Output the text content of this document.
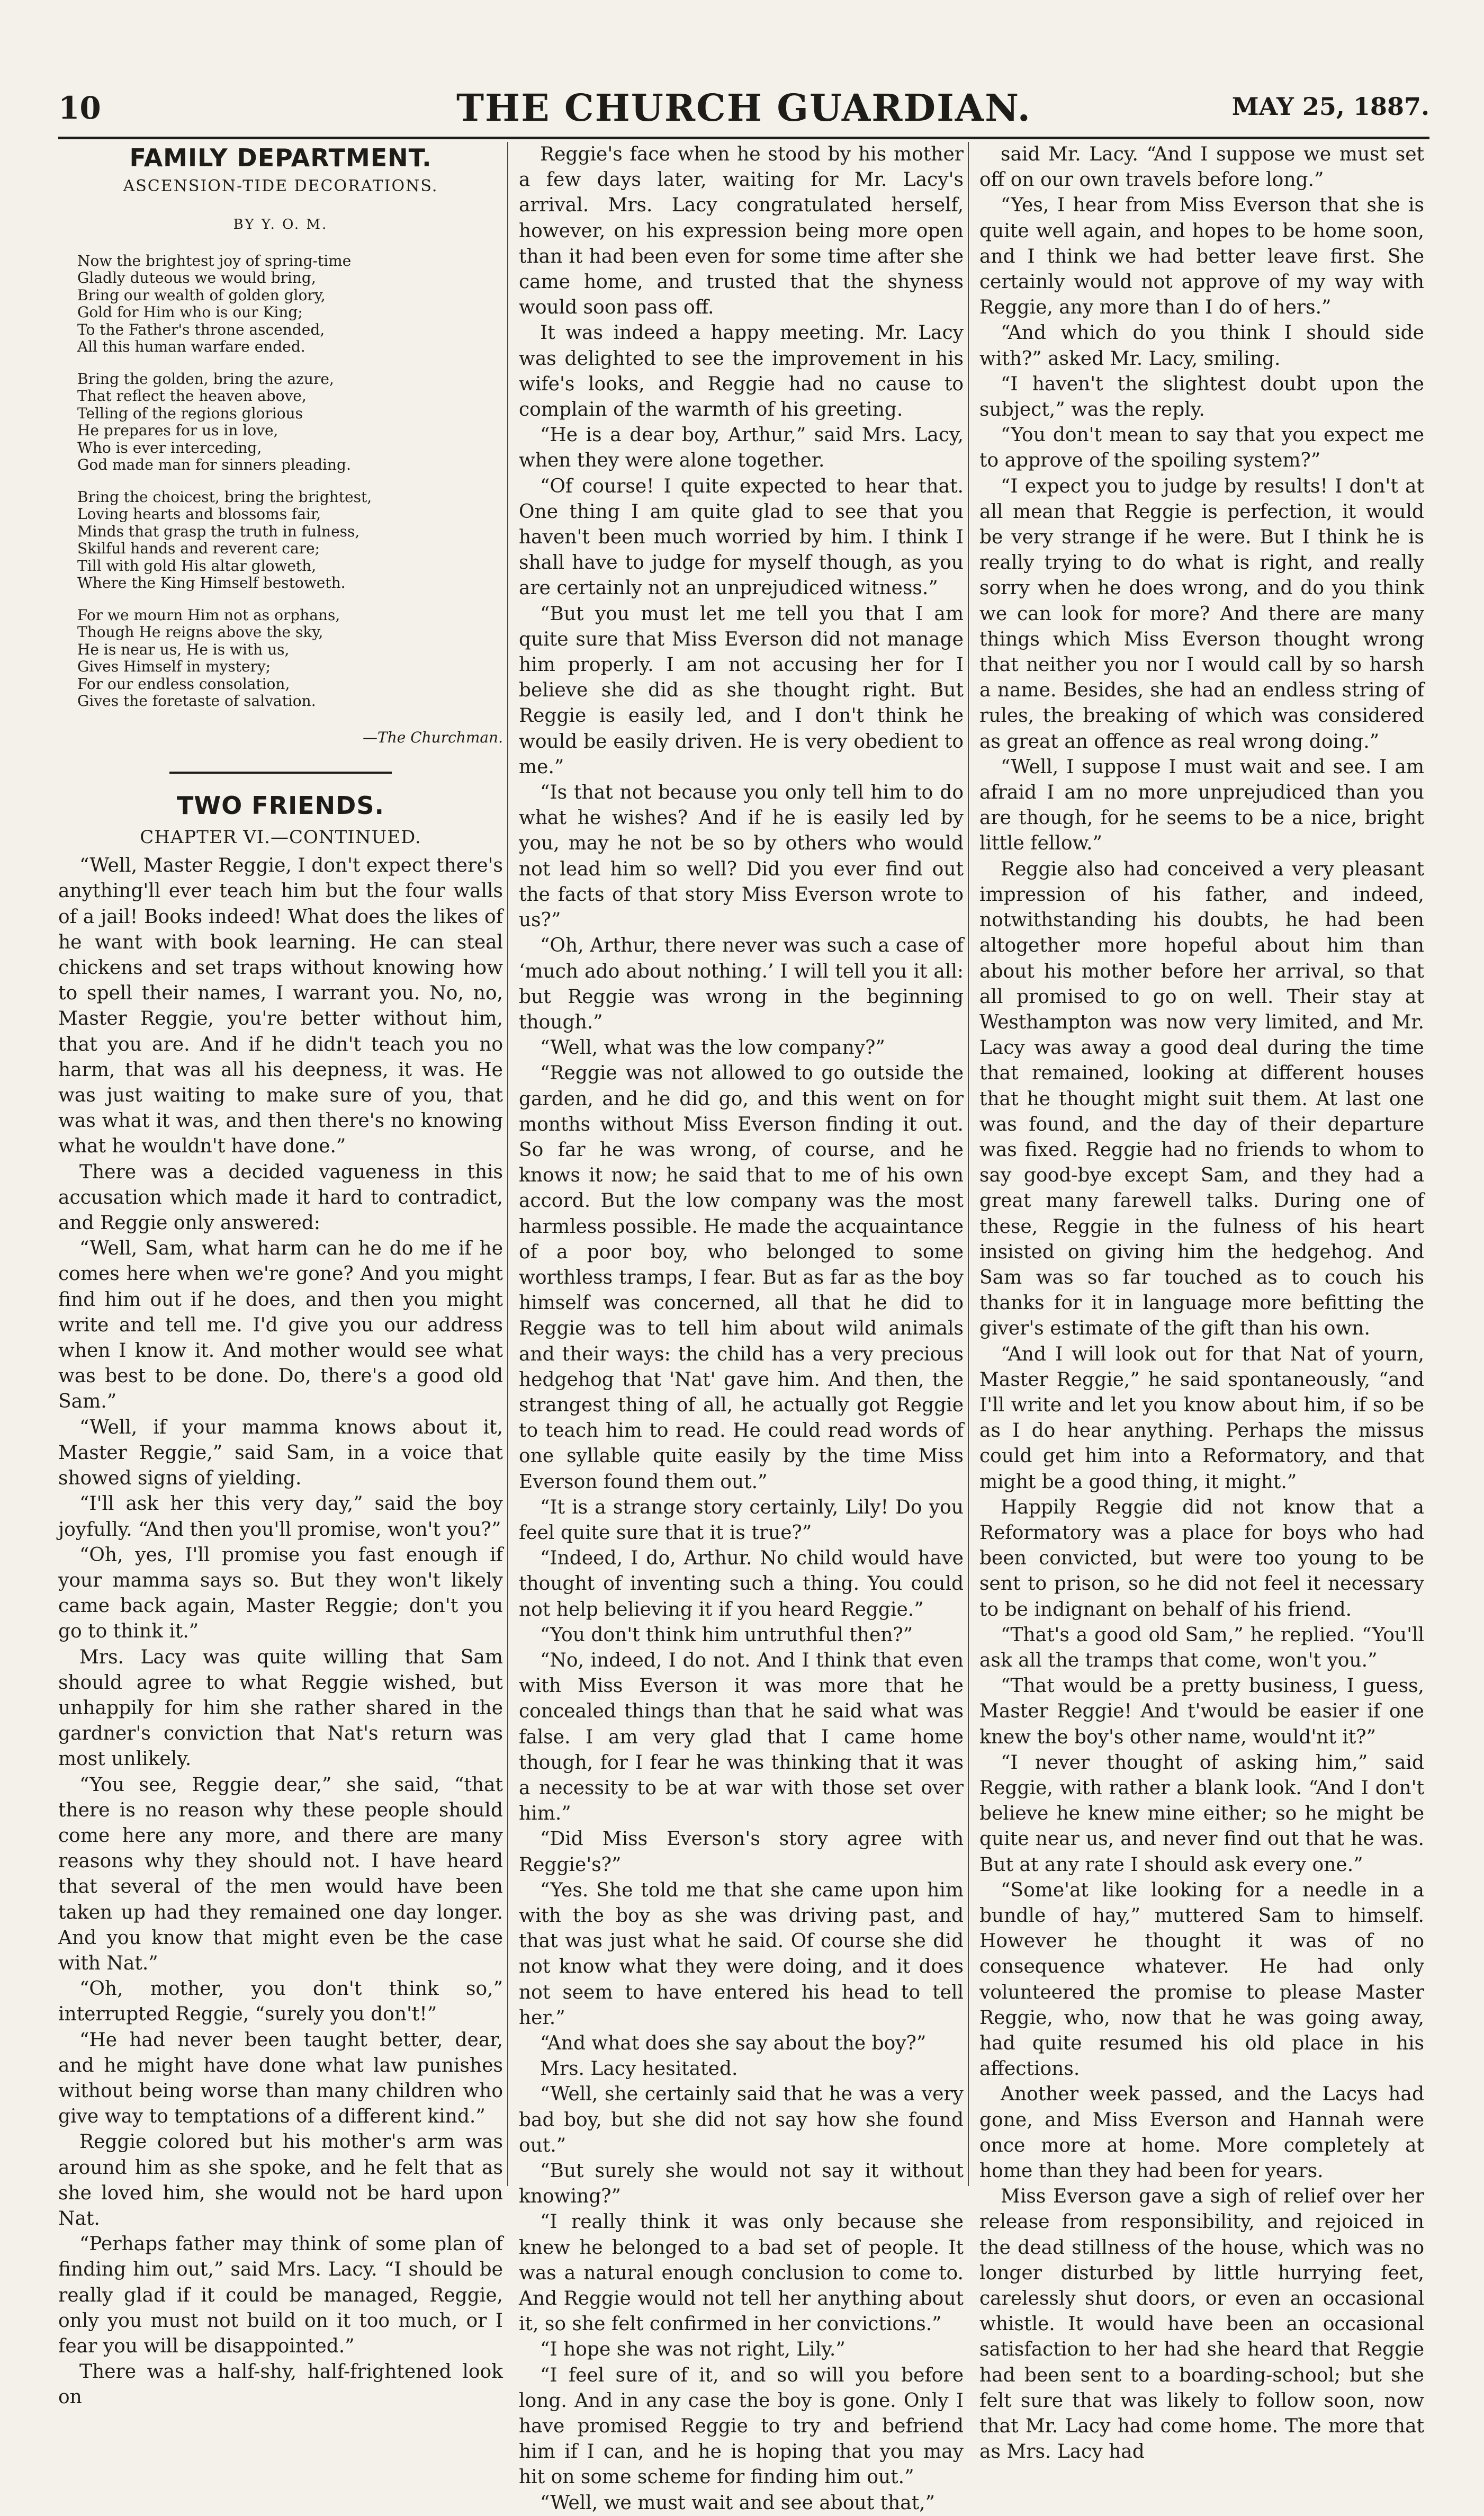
10	THE CHURCH GUARDIAN.	MAY 25, 1887.
FAMILY DEPARTMENT.
ASCENSION-TIDE DECORATIONS.
BY Y. O. M.
Now the brightest joy of spring-time
Gladly duteous we would bring,
Bring our wealth of golden glory,
Gold for Him who is our King;
To the Father's throne ascended,
All this human warfare ended.
Bring the golden, bring the azure,
That reflect the heaven above,
Telling of the regions glorious
He prepares for us in love,
Who is ever interceding,
God made man for sinners pleading.
Bring the choicest, bring the brightest,
Loving hearts and blossoms fair,
Minds that grasp the truth in fulness,
Skilful hands and reverent care;
Till with gold His altar gloweth,
Where the King Himself bestoweth.
For we mourn Him not as orphans,
Though He reigns above the sky,
He is near us, He is with us,
Gives Himself in mystery;
For our endless consolation,
Gives the foretaste of salvation.
—The Churchman.
TWO FRIENDS.
CHAPTER VI.—CONTINUED.

“Well, Master Reggie, I don't expect there's anything'll ever teach him but the four walls of a jail! Books indeed! What does the likes of he want with book learning. He can steal chickens and set traps without knowing how to spell their names, I warrant you. No, no, Master Reggie, you're better without him, that you are. And if he didn't teach you no harm, that was all his deepness, it was. He was just waiting to make sure of you, that was what it was, and then there's no knowing what he wouldn't have done.”

There was a decided vagueness in this accusation which made it hard to contradict, and Reggie only answered:

“Well, Sam, what harm can he do me if he comes here when we're gone? And you might find him out if he does, and then you might write and tell me. I'd give you our address when I know it. And mother would see what was best to be done. Do, there's a good old Sam.”

“Well, if your mamma knows about it, Master Reggie,” said Sam, in a voice that showed signs of yielding.

“I'll ask her this very day,” said the boy joyfully. “And then you'll promise, won't you?”

“Oh, yes, I'll promise you fast enough if your mamma says so. But they won't likely came back again, Master Reggie; don't you go to think it.”

Mrs. Lacy was quite willing that Sam should agree to what Reggie wished, but unhappily for him she rather shared in the gardner's conviction that Nat's return was most unlikely.

“You see, Reggie dear,” she said, “that there is no reason why these people should come here any more, and there are many reasons why they should not. I have heard that several of the men would have been taken up had they remained one day longer. And you know that might even be the case with Nat.”

“Oh, mother, you don't think so,” interrupted Reggie, “surely you don't!”

“He had never been taught better, dear, and he might have done what law punishes without being worse than many children who give way to temptations of a different kind.”

Reggie colored but his mother's arm was around him as she spoke, and he felt that as she loved him, she would not be hard upon Nat.

“Perhaps father may think of some plan of finding him out,” said Mrs. Lacy. “I should be really glad if it could be managed, Reggie, only you must not build on it too much, or I fear you will be disappointed.”

There was a half-shy, half-frightened look on

Reggie's face when he stood by his mother a few days later, waiting for Mr. Lacy's arrival. Mrs. Lacy congratulated herself, however, on his expression being more open than it had been even for some time after she came home, and trusted that the shyness would soon pass off.

It was indeed a happy meeting. Mr. Lacy was delighted to see the improvement in his wife's looks, and Reggie had no cause to complain of the warmth of his greeting.

“He is a dear boy, Arthur,” said Mrs. Lacy, when they were alone together.

“Of course! I quite expected to hear that. One thing I am quite glad to see that you haven't been much worried by him. I think I shall have to judge for myself though, as you are certainly not an unprejudiced witness.”

“But you must let me tell you that I am quite sure that Miss Everson did not manage him properly. I am not accusing her for I believe she did as she thought right. But Reggie is easily led, and I don't think he would be easily driven. He is very obedient to me.”

“Is that not because you only tell him to do what he wishes? And if he is easily led by you, may he not be so by others who would not lead him so well? Did you ever find out the facts of that story Miss Everson wrote to us?”

“Oh, Arthur, there never was such a case of ‘much ado about nothing.’ I will tell you it all: but Reggie was wrong in the beginning though.”

“Well, what was the low company?”

“Reggie was not allowed to go outside the garden, and he did go, and this went on for months without Miss Everson finding it out. So far he was wrong, of course, and he knows it now; he said that to me of his own accord. But the low company was the most harmless possible. He made the acquaintance of a poor boy, who belonged to some worthless tramps, I fear. But as far as the boy himself was concerned, all that he did to Reggie was to tell him about wild animals and their ways: the child has a very precious hedgehog that 'Nat' gave him. And then, the strangest thing of all, he actually got Reggie to teach him to read. He could read words of one syllable quite easily by the time Miss Everson found them out.”

“It is a strange story certainly, Lily! Do you feel quite sure that it is true?”

“Indeed, I do, Arthur. No child would have thought of inventing such a thing. You could not help believing it if you heard Reggie.”

“You don't think him untruthful then?”

“No, indeed, I do not. And I think that even with Miss Everson it was more that he concealed things than that he said what was false. I am very glad that I came home though, for I fear he was thinking that it was a necessity to be at war with those set over him.”

“Did Miss Everson's story agree with Reggie's?”

“Yes. She told me that she came upon him with the boy as she was driving past, and that was just what he said. Of course she did not know what they were doing, and it does not seem to have entered his head to tell her.”

“And what does she say about the boy?”

Mrs. Lacy hesitated.

“Well, she certainly said that he was a very bad boy, but she did not say how she found out.”

“But surely she would not say it without knowing?”

“I really think it was only because she knew he belonged to a bad set of people. It was a natural enough conclusion to come to. And Reggie would not tell her anything about it, so she felt confirmed in her convictions.”

“I hope she was not right, Lily.”

“I feel sure of it, and so will you before long. And in any case the boy is gone. Only I have promised Reggie to try and befriend him if I can, and he is hoping that you may hit on some scheme for finding him out.”

“Well, we must wait and see about that,”

said Mr. Lacy. “And I suppose we must set off on our own travels before long.”

“Yes, I hear from Miss Everson that she is quite well again, and hopes to be home soon, and I think we had better leave first. She certainly would not approve of my way with Reggie, any more than I do of hers.”

“And which do you think I should side with?” asked Mr. Lacy, smiling.

“I haven't the slightest doubt upon the subject,” was the reply.

“You don't mean to say that you expect me to approve of the spoiling system?”

“I expect you to judge by results! I don't at all mean that Reggie is perfection, it would be very strange if he were. But I think he is really trying to do what is right, and really sorry when he does wrong, and do you think we can look for more? And there are many things which Miss Everson thought wrong that neither you nor I would call by so harsh a name. Besides, she had an endless string of rules, the breaking of which was considered as great an offence as real wrong doing.”

“Well, I suppose I must wait and see. I am afraid I am no more unprejudiced than you are though, for he seems to be a nice, bright little fellow.”

Reggie also had conceived a very pleasant impression of his father, and indeed, notwithstanding his doubts, he had been altogether more hopeful about him than about his mother before her arrival, so that all promised to go on well. Their stay at Westhampton was now very limited, and Mr. Lacy was away a good deal during the time that remained, looking at different houses that he thought might suit them. At last one was found, and the day of their departure was fixed. Reggie had no friends to whom to say good-bye except Sam, and they had a great many farewell talks. During one of these, Reggie in the fulness of his heart insisted on giving him the hedgehog. And Sam was so far touched as to couch his thanks for it in language more befitting the giver's estimate of the gift than his own.

“And I will look out for that Nat of yourn, Master Reggie,” he said spontaneously, “and I'll write and let you know about him, if so be as I do hear anything. Perhaps the missus could get him into a Reformatory, and that might be a good thing, it might.”

Happily Reggie did not know that a Reformatory was a place for boys who had been convicted, but were too young to be sent to prison, so he did not feel it necessary to be indignant on behalf of his friend.

“That's a good old Sam,” he replied. “You'll ask all the tramps that come, won't you.”

“That would be a pretty business, I guess, Master Reggie! And t'would be easier if one knew the boy's other name, would'nt it?”

“I never thought of asking him,” said Reggie, with rather a blank look. “And I don't believe he knew mine either; so he might be quite near us, and never find out that he was. But at any rate I should ask every one.”

“Some'at like looking for a needle in a bundle of hay,” muttered Sam to himself. However he thought it was of no consequence whatever. He had only volunteered the promise to please Master Reggie, who, now that he was going away, had quite resumed his old place in his affections.

Another week passed, and the Lacys had gone, and Miss Everson and Hannah were once more at home. More completely at home than they had been for years.

Miss Everson gave a sigh of relief over her release from responsibility, and rejoiced in the dead stillness of the house, which was no longer disturbed by little hurrying feet, carelessly shut doors, or even an occasional whistle. It would have been an occasional satisfaction to her had she heard that Reggie had been sent to a boarding-school; but she felt sure that was likely to follow soon, now that Mr. Lacy had come home. The more that as Mrs. Lacy had
